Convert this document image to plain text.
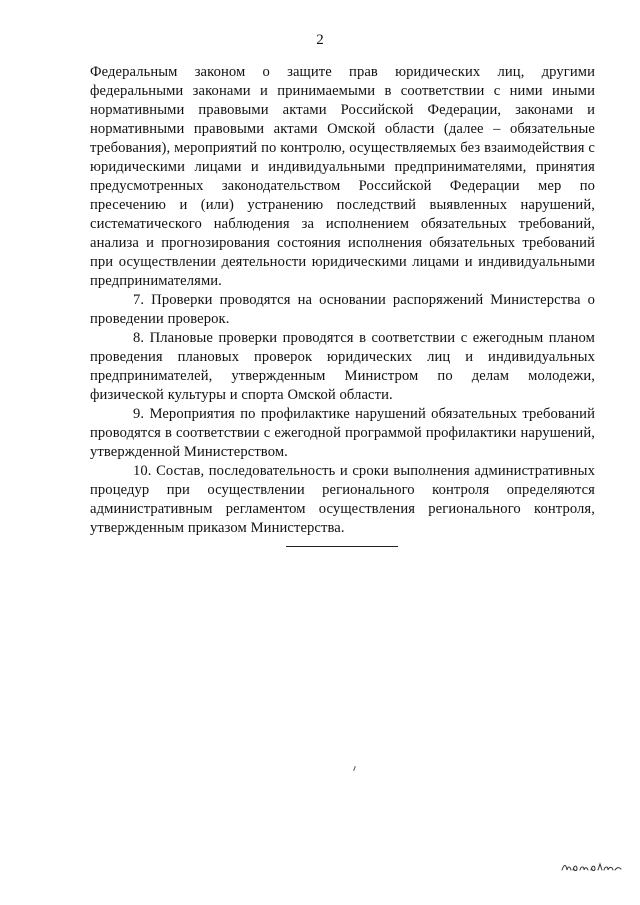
2

Федеральным законом о защите прав юридических лиц, другими федеральными законами и принимаемыми в соответствии с ними иными нормативными правовыми актами Российской Федерации, законами и нормативными правовыми актами Омской области (далее – обязательные требования), мероприятий по контролю, осуществляемых без взаимодействия с юридическими лицами и индивидуальными предпринимателями, принятия предусмотренных законодательством Российской Федерации мер по пресечению и (или) устранению последствий выявленных нарушений, систематического наблюдения за исполнением обязательных требований, анализа и прогнозирования состояния исполнения обязательных требований при осуществлении деятельности юридическими лицами и индивидуальными предпринимателями.

7. Проверки проводятся на основании распоряжений Министерства о проведении проверок.

8. Плановые проверки проводятся в соответствии с ежегодным планом проведения плановых проверок юридических лиц и индивидуальных предпринимателей, утвержденным Министром по делам молодежи, физической культуры и спорта Омской области.

9. Мероприятия по профилактике нарушений обязательных требований проводятся в соответствии с ежегодной программой профилактики нарушений, утвержденной Министерством.

10. Состав, последовательность и сроки выполнения административных процедур при осуществлении регионального контроля определяются административным регламентом осуществления регионального контроля, утвержденным приказом Министерства.
